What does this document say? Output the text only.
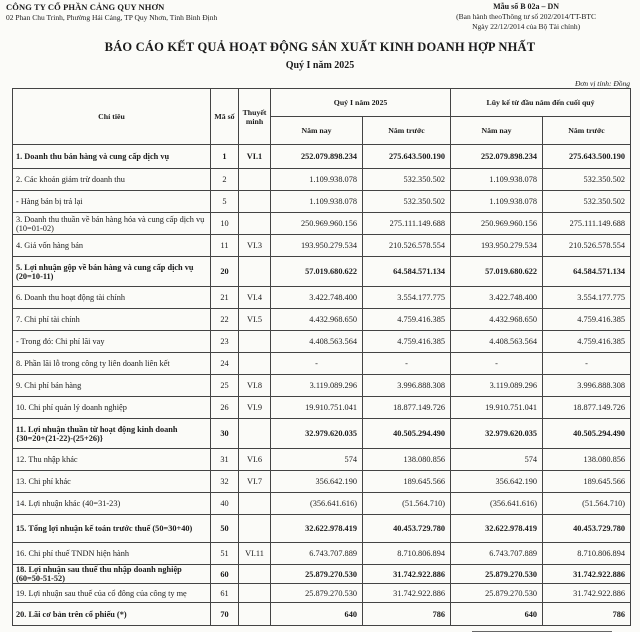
CÔNG TY CỔ PHẦN CẢNG QUY NHƠN
02 Phan Chu Trinh, Phường Hải Cảng, TP Quy Nhơn, Tỉnh Bình Định
Mẫu số B 02a – DN
(Ban hành theoThông tư số 202/2014/TT-BTC
Ngày 22/12/2014 của Bộ Tài chính)
BÁO CÁO KẾT QUẢ HOẠT ĐỘNG SẢN XUẤT KINH DOANH HỢP NHẤT
Quý I năm 2025
Đơn vị tính: Đồng
Chỉ tiêu	Mã số	Thuyết minh	Quý I năm 2025		Lũy kế từ đầu năm đến cuối quý	
			Năm nay	Năm trước	Năm nay	Năm trước
1. Doanh thu bán hàng và cung cấp dịch vụ	1	VI.1	252.079.898.234	275.643.500.190	252.079.898.234	275.643.500.190
2. Các khoản giảm trừ doanh thu	2		1.109.938.078	532.350.502	1.109.938.078	532.350.502
- Hàng bán bị trả lại	5		1.109.938.078	532.350.502	1.109.938.078	532.350.502
3. Doanh thu thuần về bán hàng hóa và cung cấp dịch vụ (10=01-02)	10		250.969.960.156	275.111.149.688	250.969.960.156	275.111.149.688
4. Giá vốn hàng bán	11	VI.3	193.950.279.534	210.526.578.554	193.950.279.534	210.526.578.554
5. Lợi nhuận gộp về bán hàng và cung cấp dịch vụ (20=10-11)	20		57.019.680.622	64.584.571.134	57.019.680.622	64.584.571.134
6. Doanh thu hoạt động tài chính	21	VI.4	3.422.748.400	3.554.177.775	3.422.748.400	3.554.177.775
7. Chi phí tài chính	22	VI.5	4.432.968.650	4.759.416.385	4.432.968.650	4.759.416.385
- Trong đó: Chi phí lãi vay	23		4.408.563.564	4.759.416.385	4.408.563.564	4.759.416.385
8. Phần lãi lỗ trong công ty liên doanh liên kết	24		-	-	-	-
9. Chi phí bán hàng	25	VI.8	3.119.089.296	3.996.888.308	3.119.089.296	3.996.888.308
10. Chi phí quản lý doanh nghiệp	26	VI.9	19.910.751.041	18.877.149.726	19.910.751.041	18.877.149.726
11. Lợi nhuận thuần từ hoạt động kinh doanh {30=20+(21-22)-(25+26)}	30		32.979.620.035	40.505.294.490	32.979.620.035	40.505.294.490
12. Thu nhập khác	31	VI.6	574	138.080.856	574	138.080.856
13. Chi phí khác	32	VI.7	356.642.190	189.645.566	356.642.190	189.645.566
14. Lợi nhuận khác (40=31-23)	40		(356.641.616)	(51.564.710)	(356.641.616)	(51.564.710)
15. Tổng lợi nhuận kế toán trước thuế (50=30+40)	50		32.622.978.419	40.453.729.780	32.622.978.419	40.453.729.780
16. Chi phí thuế TNDN hiện hành	51	VI.11	6.743.707.889	8.710.806.894	6.743.707.889	8.710.806.894
18. Lợi nhuận sau thuế thu nhập doanh nghiệp (60=50-51-52)	60		25.879.270.530	31.742.922.886	25.879.270.530	31.742.922.886
19. Lợi nhuận sau thuế của cổ đông của công ty mẹ	61		25.879.270.530	31.742.922.886	25.879.270.530	31.742.922.886
20. Lãi cơ bản trên cổ phiếu (*)	70		640	786	640	786
